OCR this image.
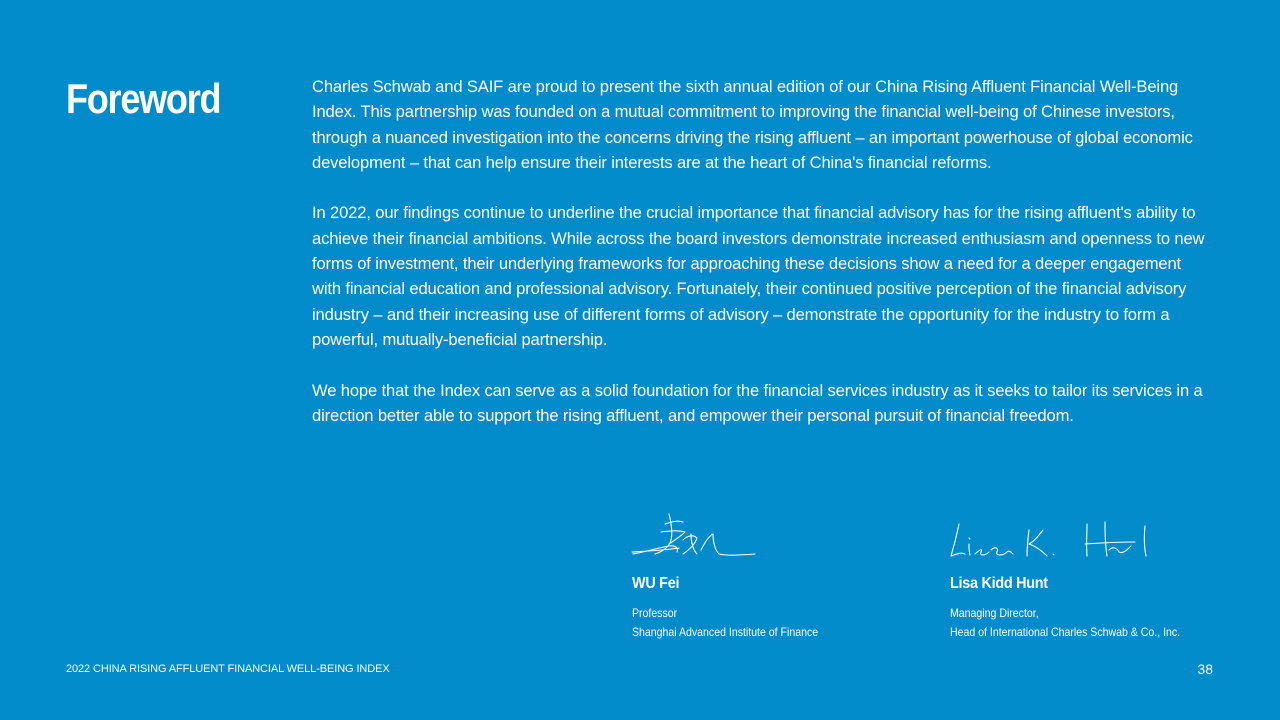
Foreword	Charles Schwab and SAIF are proud to present the sixth annual edition of our China Rising Affluent Financial Well-Being Index. This partnership was founded on a mutual commitment to improving the financial well-being of Chinese investors, through a nuanced investigation into the concerns driving the rising affluent – an important powerhouse of global economic development – that can help ensure their interests are at the heart of China's financial reforms.

In 2022, our findings continue to underline the crucial importance that financial advisory has for the rising affluent's ability to achieve their financial ambitions. While across the board investors demonstrate increased enthusiasm and openness to new forms of investment, their underlying frameworks for approaching these decisions show a need for a deeper engagement with financial education and professional advisory. Fortunately, their continued positive perception of the financial advisory industry – and their increasing use of different forms of advisory – demonstrate the opportunity for the industry to form a powerful, mutually-beneficial partnership.

We hope that the Index can serve as a solid foundation for the financial services industry as it seeks to tailor its services in a direction better able to support the rising affluent, and empower their personal pursuit of financial freedom.

WU Fei
Professor
Shanghai Advanced Institute of Finance
Lisa Kidd Hunt
Managing Director,
Head of International Charles Schwab & Co., Inc.
2022 CHINA RISING AFFLUENT FINANCIAL WELL-BEING INDEX	38
